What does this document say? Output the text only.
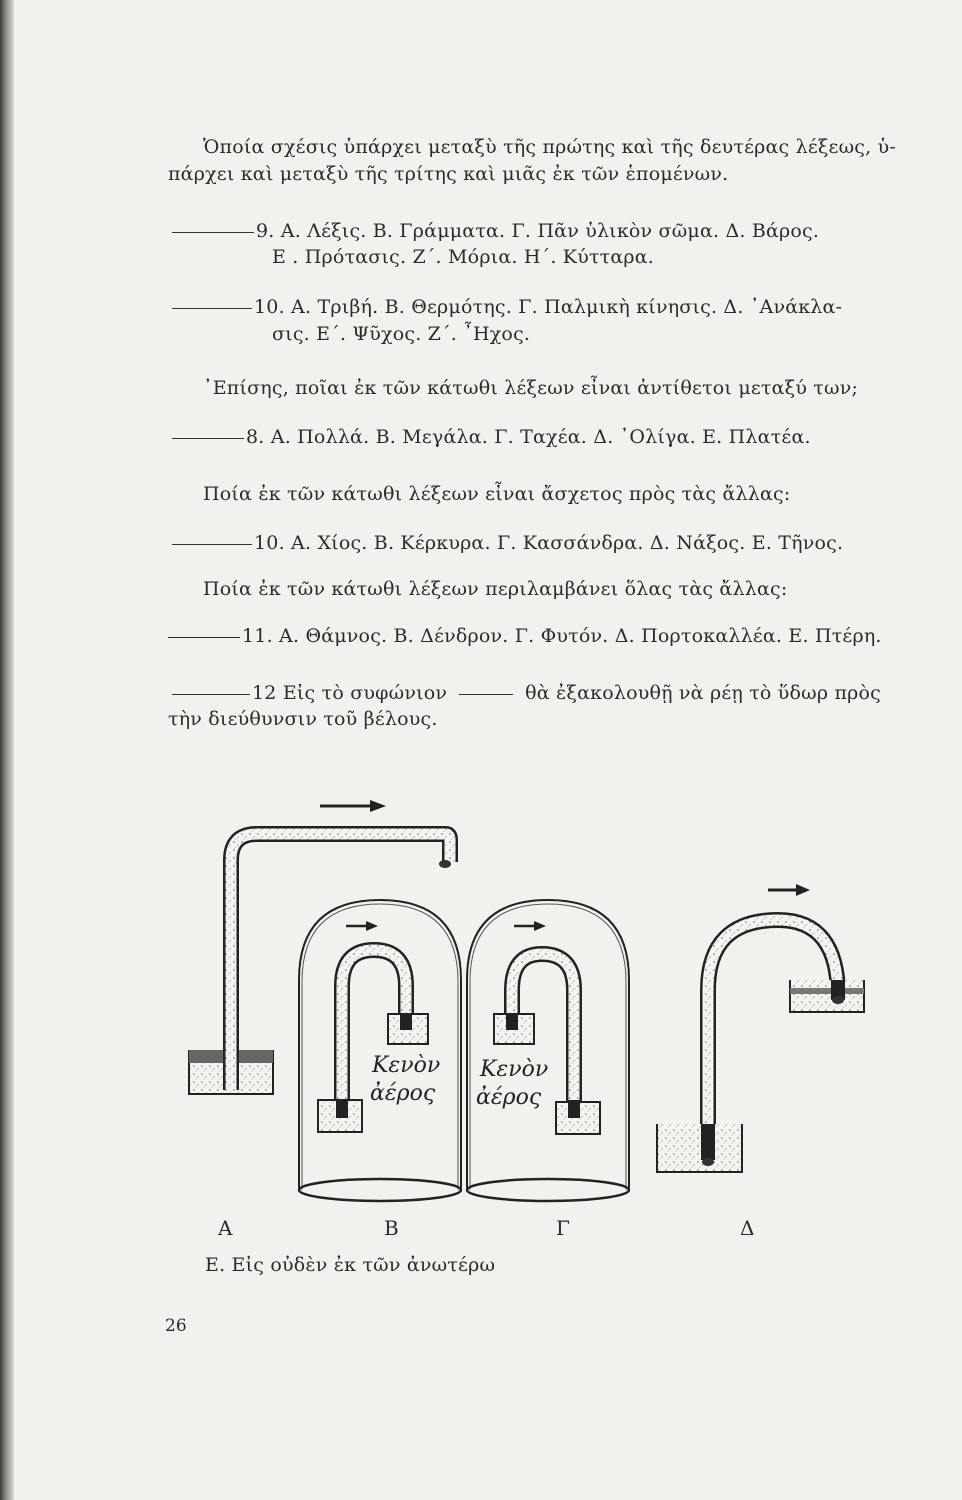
Ὁποία σχέσις ὑπάρχει μεταξὺ τῆς πρώτης καὶ τῆς δευτέρας λέξεως, ὑ-
πάρχει καὶ μεταξὺ τῆς τρίτης καὶ μιᾶς ἐκ τῶν ἑπομένων.
9. Α. Λέξις. Β. Γράμματα. Γ. Πᾶν ὑλικὸν σῶμα. Δ. Βάρος.
Ε . Πρότασις. Ζ΄. Μόρια. Η΄. Κύτταρα.
10. Α. Τριβή. Β. Θερμότης. Γ. Παλμικὴ κίνησις. Δ. ᾿Ανάκλα-
σις. Ε΄. Ψῦχος. Ζ΄. ῏Ηχος.
᾿Επίσης, ποῖαι ἐκ τῶν κάτωθι λέξεων εἶναι ἀντίθετοι μεταξύ των;
8. Α. Πολλά. Β. Μεγάλα. Γ. Ταχέα. Δ. ᾿Ολίγα. Ε. Πλατέα.
Ποία ἐκ τῶν κάτωθι λέξεων εἶναι ἄσχετος πρὸς τὰς ἄλλας:
10. Α. Χίος. Β. Κέρκυρα. Γ. Κασσάνδρα. Δ. Νάξος. Ε. Τῆνος.
Ποία ἐκ τῶν κάτωθι λέξεων περιλαμβάνει ὅλας τὰς ἄλλας:
11. Α. Θάμνος. Β. Δένδρον. Γ. Φυτόν. Δ. Πορτοκαλλέα. Ε. Πτέρη.
12 Εἰς τὸ συφώνιον	θὰ ἐξακολουθῇ νὰ ρέῃ τὸ ὕδωρ πρὸς
τὴν διεύθυνσιν τοῦ βέλους.
Κενὸν
ἀέρος
Κενὸν
ἀέρος
Α	Β	Γ	Δ
Ε. Εἰς οὐδὲν ἐκ τῶν ἀνωτέρω
26
